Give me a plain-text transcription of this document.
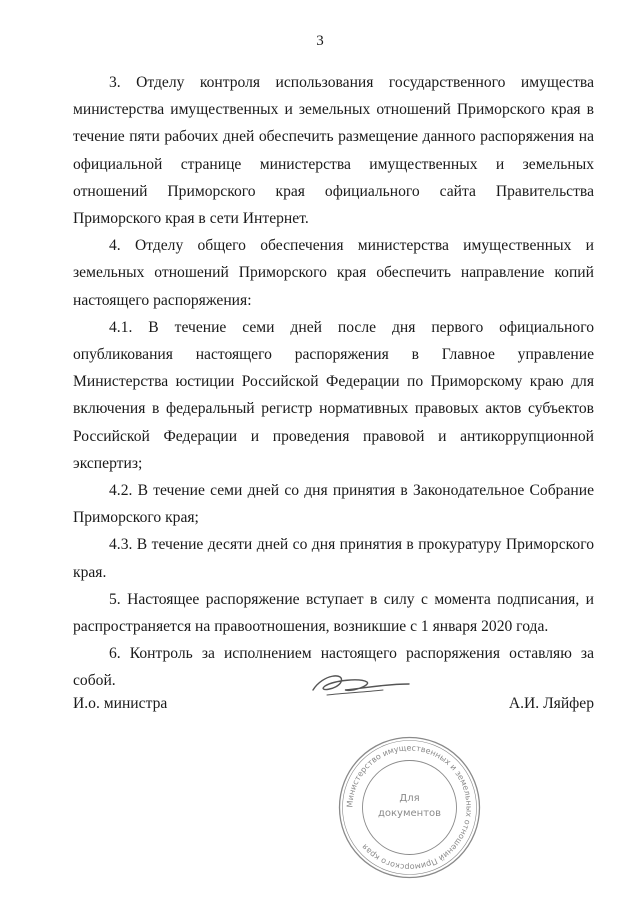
3

3. Отделу контроля использования государственного имущества министерства имущественных и земельных отношений Приморского края в течение пяти рабочих дней обеспечить размещение данного распоряжения на официальной странице министерства имущественных и земельных отношений Приморского края официального сайта Правительства Приморского края в сети Интернет.

4. Отделу общего обеспечения министерства имущественных и земельных отношений Приморского края обеспечить направление копий настоящего распоряжения:

4.1. В течение семи дней после дня первого официального опубликования настоящего распоряжения в Главное управление Министерства юстиции Российской Федерации по Приморскому краю для включения в федеральный регистр нормативных правовых актов субъектов Российской Федерации и проведения правовой и антикоррупционной экспертиз;

4.2. В течение семи дней со дня принятия в Законодательное Собрание Приморского края;

4.3. В течение десяти дней со дня принятия в прокуратуру Приморского края.

5. Настоящее распоряжение вступает в силу с момента подписания, и распространяется на правоотношения, возникшие с 1 января 2020 года.

6. Контроль за исполнением настоящего распоряжения оставляю за собой.

И.о. министра	А.И. Ляйфер
Министерство имущественных и земельных отношений Приморского края
Для
документов
